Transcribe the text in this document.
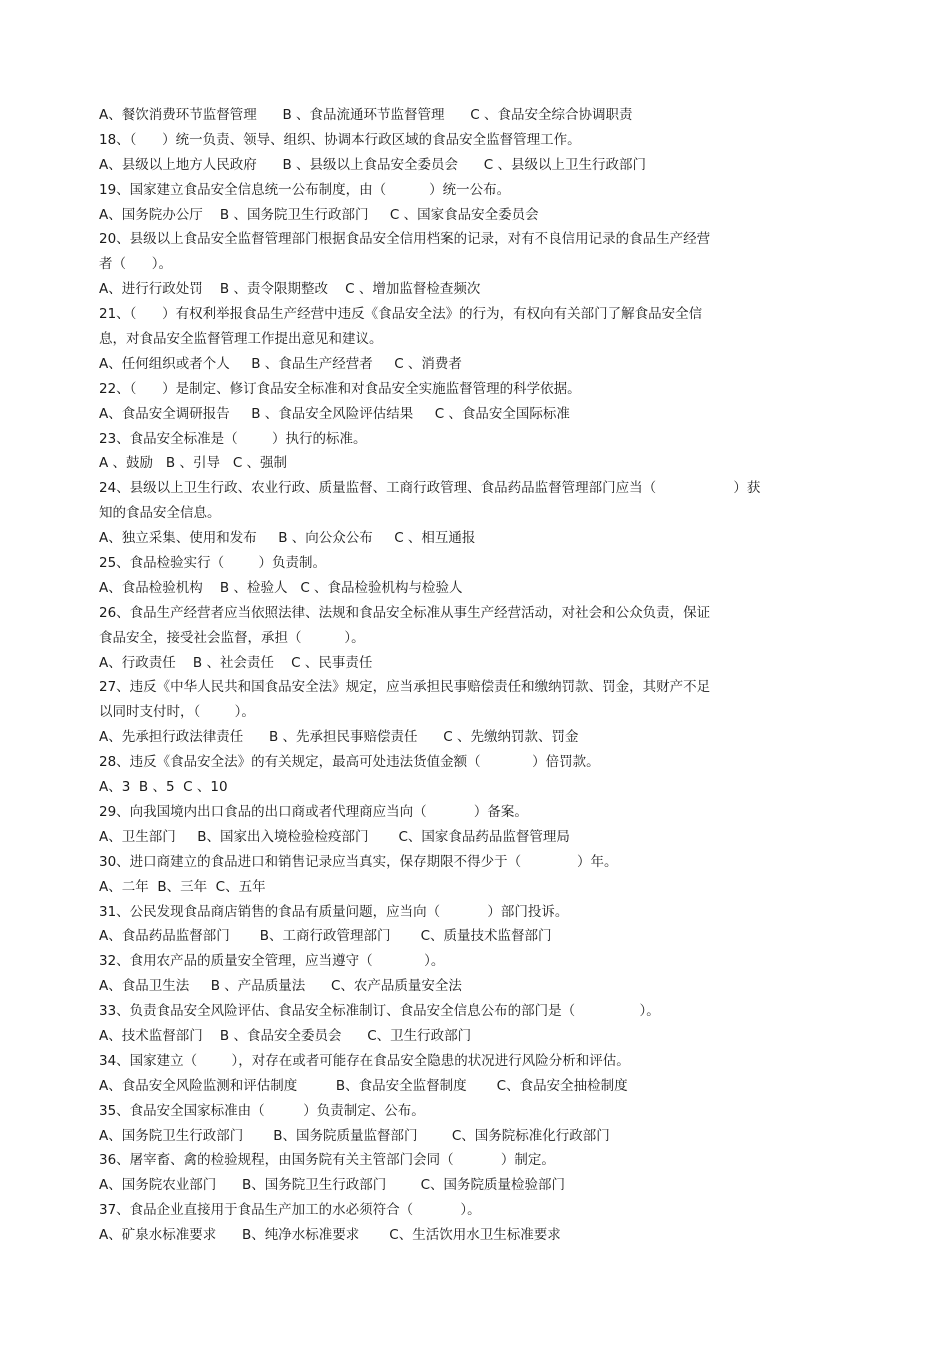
A、餐饮消费环节监督管理      B 、食品流通环节监督管理      C 、食品安全综合协调职责
18、（      ）统一负责、领导、组织、协调本行政区域的食品安全监督管理工作。
A、县级以上地方人民政府      B 、县级以上食品安全委员会      C 、县级以上卫生行政部门
19、国家建立食品安全信息统一公布制度，由（          ）统一公布。
A、国务院办公厅    B 、国务院卫生行政部门     C 、国家食品安全委员会
20、县级以上食品安全监督管理部门根据食品安全信用档案的记录，对有不良信用记录的食品生产经营
者（      ）。
A、进行行政处罚    B 、责令限期整改    C 、增加监督检查频次
21、（      ）有权利举报食品生产经营中违反《食品安全法》的行为，有权向有关部门了解食品安全信
息，对食品安全监督管理工作提出意见和建议。
A、任何组织或者个人     B 、食品生产经营者     C 、消费者
22、（      ）是制定、修订食品安全标准和对食品安全实施监督管理的科学依据。
A、食品安全调研报告     B 、食品安全风险评估结果     C 、食品安全国际标准
23、食品安全标准是（        ）执行的标准。
A 、鼓励   B 、引导   C 、强制
24、县级以上卫生行政、农业行政、质量监督、工商行政管理、食品药品监督管理部门应当（                  ）获
知的食品安全信息。
A、独立采集、使用和发布     B 、向公众公布     C 、相互通报
25、食品检验实行（        ）负责制。
A、食品检验机构    B 、检验人   C 、食品检验机构与检验人
26、食品生产经营者应当依照法律、法规和食品安全标准从事生产经营活动，对社会和公众负责，保证
食品安全，接受社会监督，承担（          ）。
A、行政责任    B 、社会责任    C 、民事责任
27、违反《中华人民共和国食品安全法》规定，应当承担民事赔偿责任和缴纳罚款、罚金，其财产不足
以同时支付时，（        ）。
A、先承担行政法律责任      B 、先承担民事赔偿责任      C 、先缴纳罚款、罚金
28、违反《食品安全法》的有关规定，最高可处违法货值金额（            ）倍罚款。
A、3  B 、5  C 、10
29、向我国境内出口食品的出口商或者代理商应当向（           ）备案。
A、卫生部门     B、国家出入境检验检疫部门       C、国家食品药品监督管理局
30、进口商建立的食品进口和销售记录应当真实，保存期限不得少于（             ）年。
A、二年  B、三年  C、五年
31、公民发现食品商店销售的食品有质量问题，应当向（           ）部门投诉。
A、食品药品监督部门       B、工商行政管理部门       C、质量技术监督部门
32、食用农产品的质量安全管理，应当遵守（            ）。
A、食品卫生法     B 、产品质量法      C、农产品质量安全法
33、负责食品安全风险评估、食品安全标准制订、食品安全信息公布的部门是（               ）。
A、技术监督部门    B 、食品安全委员会      C、卫生行政部门
34、国家建立（        ），对存在或者可能存在食品安全隐患的状况进行风险分析和评估。
A、食品安全风险监测和评估制度         B、食品安全监督制度       C、食品安全抽检制度
35、食品安全国家标准由（         ）负责制定、公布。
A、国务院卫生行政部门       B、国务院质量监督部门        C、国务院标准化行政部门
36、屠宰畜、禽的检验规程，由国务院有关主管部门会同（           ）制定。
A、国务院农业部门      B、国务院卫生行政部门        C、国务院质量检验部门
37、食品企业直接用于食品生产加工的水必须符合（           ）。
A、矿泉水标准要求      B、纯净水标准要求       C、生活饮用水卫生标准要求
